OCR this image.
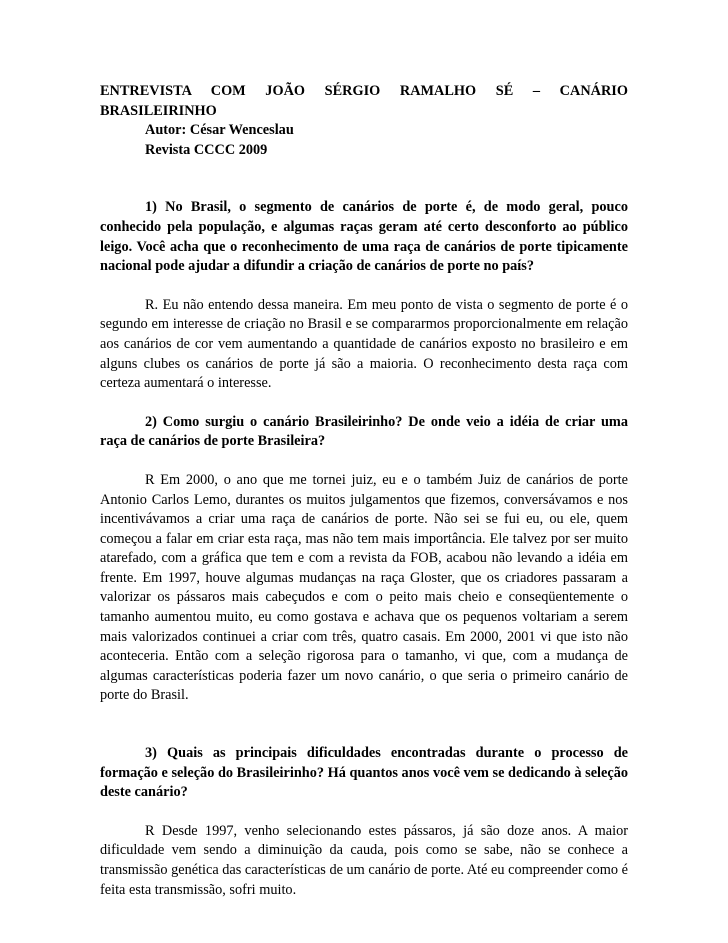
ENTREVISTA COM JOÃO SÉRGIO RAMALHO SÉ – CANÁRIO BRASILEIRINHO

Autor: César Wenceslau

Revista CCCC 2009

1) No Brasil, o segmento de canários de porte é, de modo geral, pouco conhecido pela população, e algumas raças geram até certo desconforto ao público leigo. Você acha que o reconhecimento de uma raça de canários de porte tipicamente nacional pode ajudar a difundir a criação de canários de porte no país?

R. Eu não entendo dessa maneira. Em meu ponto de vista o segmento de porte é o segundo em interesse de criação no Brasil e se compararmos proporcionalmente em relação aos canários de cor vem aumentando a quantidade de canários exposto no brasileiro e em alguns clubes os canários de porte já são a maioria. O reconhecimento desta raça com certeza aumentará o interesse.

2) Como surgiu o canário Brasileirinho? De onde veio a idéia de criar uma raça de canários de porte Brasileira?

R Em 2000, o ano que me tornei juiz, eu e o também Juiz de canários de porte Antonio Carlos Lemo, durantes os muitos julgamentos que fizemos, conversávamos e nos incentivávamos a criar uma raça de canários de porte. Não sei se fui eu, ou ele, quem começou a falar em criar esta raça, mas não tem mais importância. Ele talvez por ser muito atarefado, com a gráfica que tem e com a revista da FOB, acabou não levando a idéia em frente. Em 1997, houve algumas mudanças na raça Gloster, que os criadores passaram a valorizar os pássaros mais cabeçudos e com o peito mais cheio e conseqüentemente o tamanho aumentou muito, eu como gostava e achava que os pequenos voltariam a serem mais valorizados continuei a criar com três, quatro casais. Em 2000, 2001 vi que isto não aconteceria. Então com a seleção rigorosa para o tamanho, vi que, com a mudança de algumas características poderia fazer um novo canário, o que seria o primeiro canário de porte do Brasil.

3) Quais as principais dificuldades encontradas durante o processo de formação e seleção do Brasileirinho? Há quantos anos você vem se dedicando à seleção deste canário?

R Desde 1997, venho selecionando estes pássaros, já são doze anos. A maior dificuldade vem sendo a diminuição da cauda, pois como se sabe, não se conhece a transmissão genética das características de um canário de porte. Até eu compreender como é feita esta transmissão, sofri muito.
